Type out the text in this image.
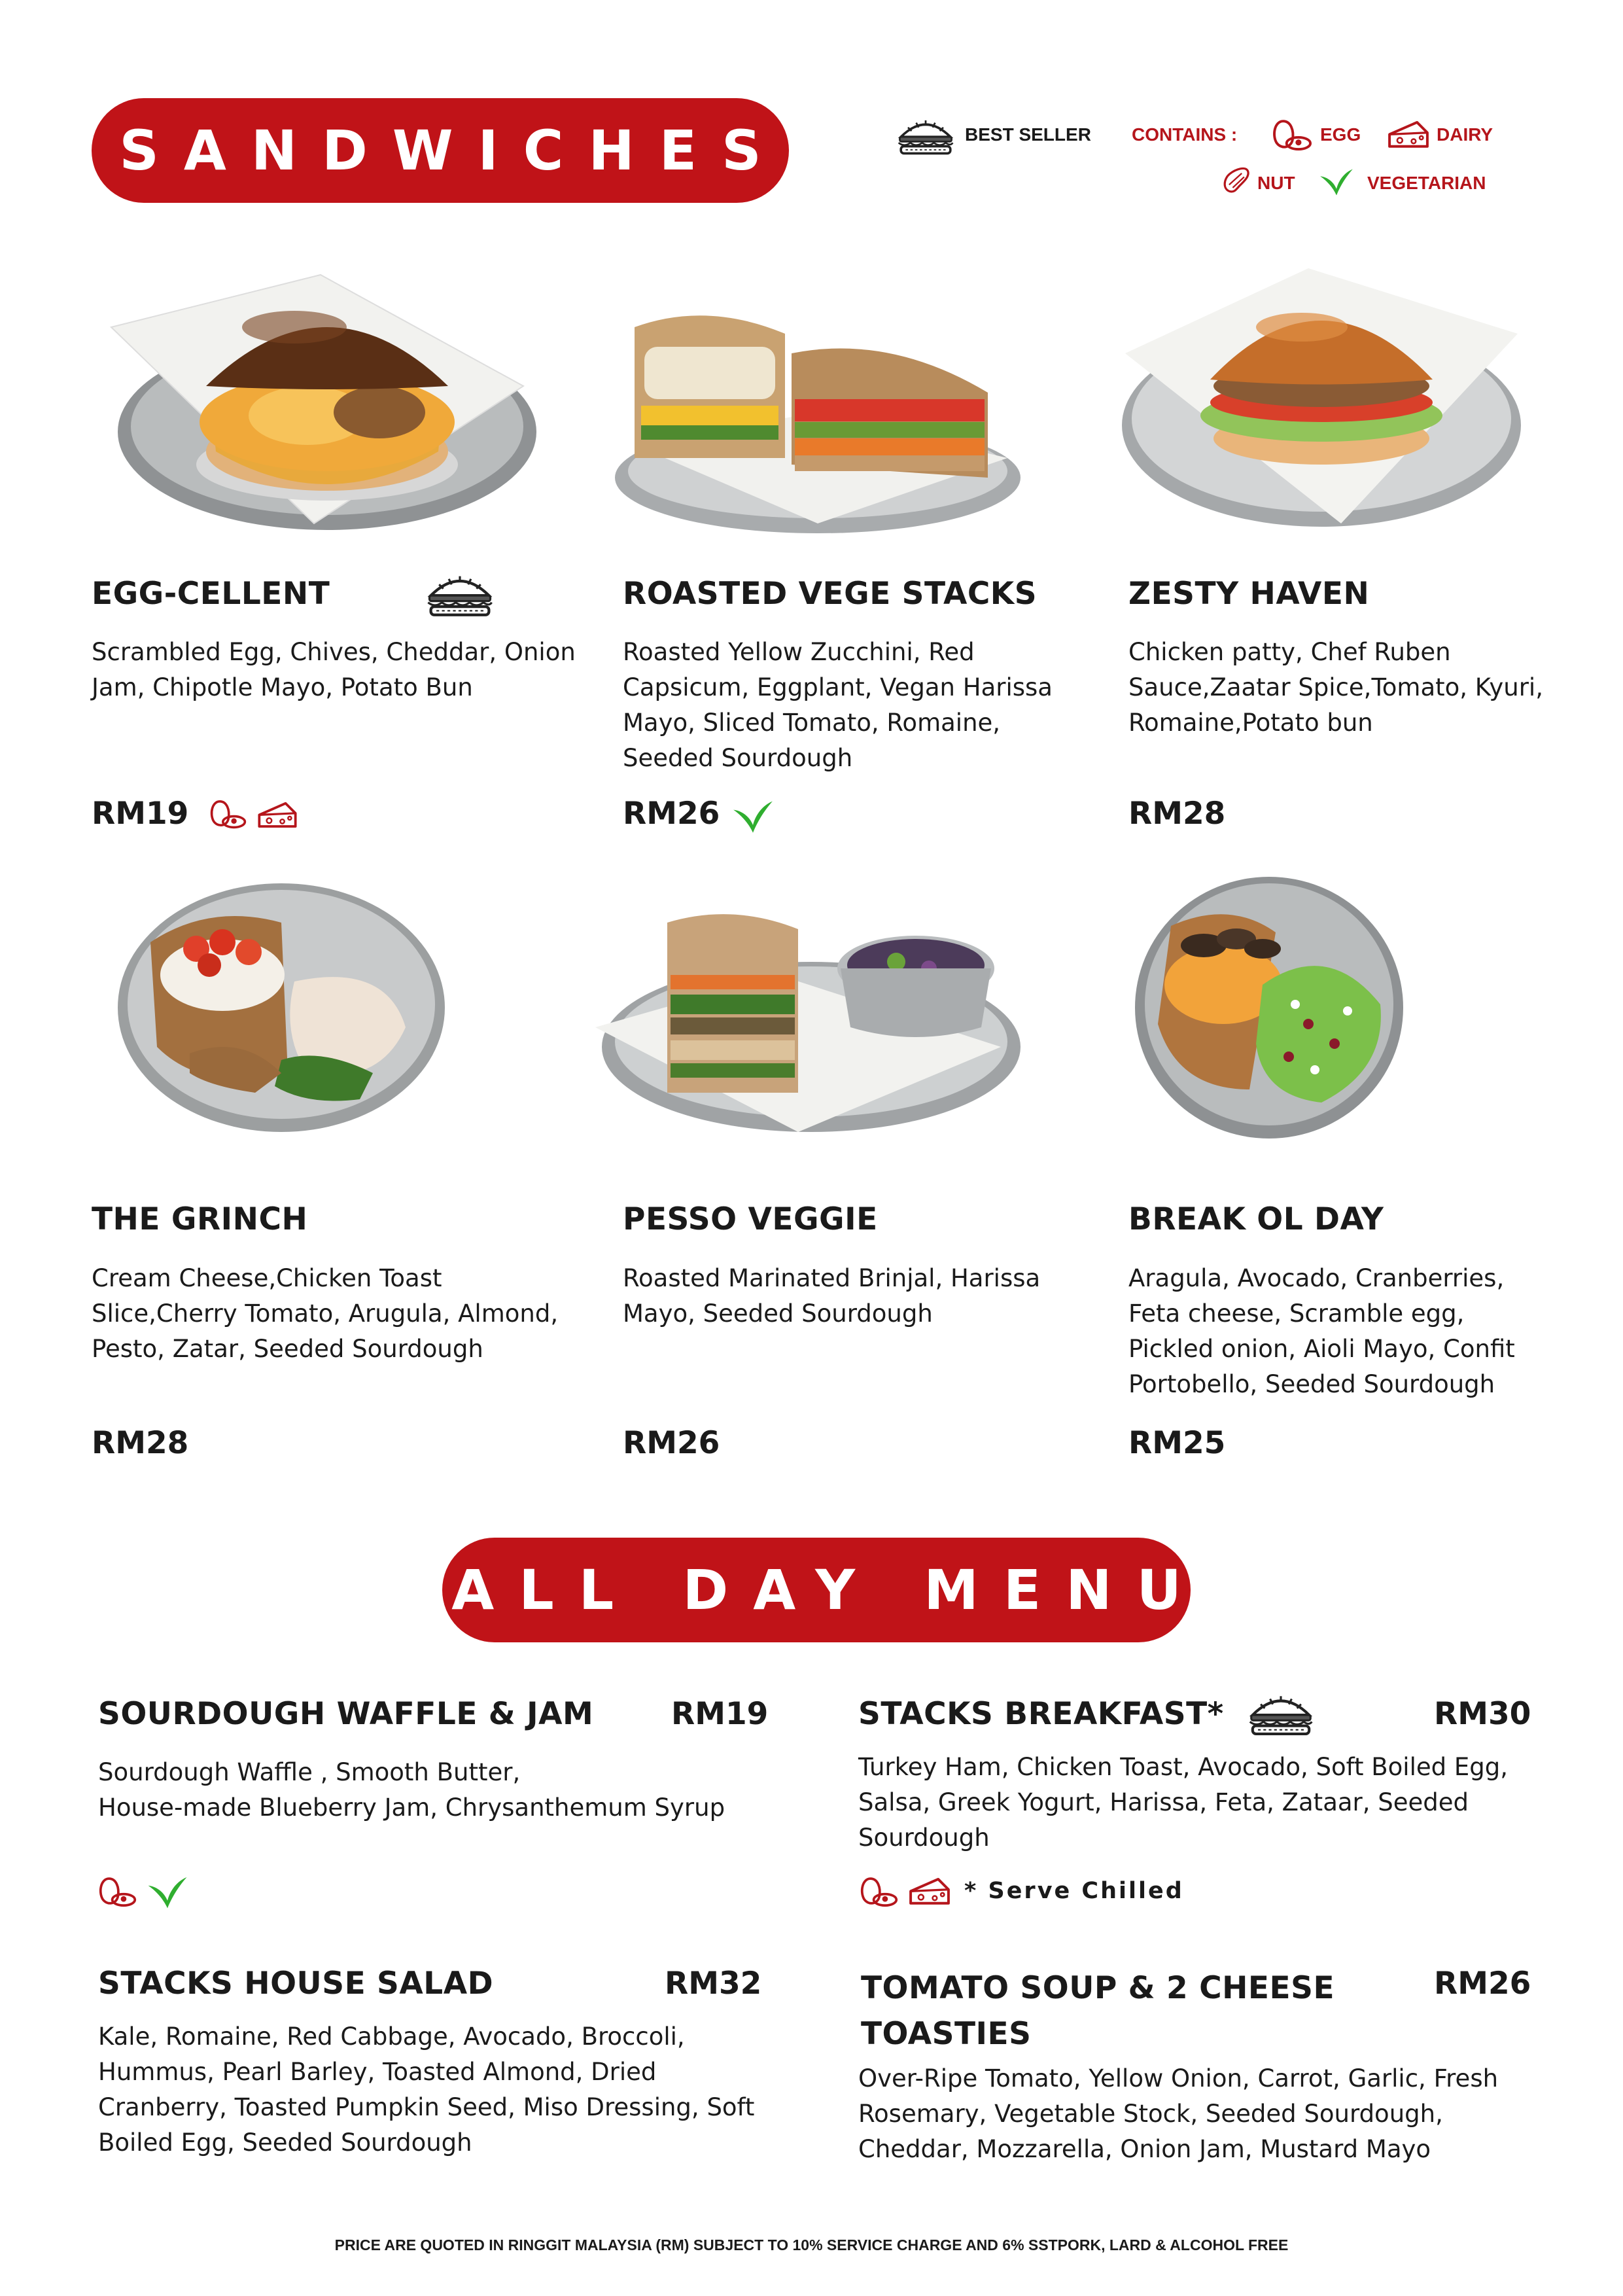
SANDWICHES	BEST SELLER CONTAINS :	EGG	DAIRY
NUT	VEGETARIAN
EGG-CELLENT
Scrambled Egg, Chives, Cheddar, Onion Jam, Chipotle Mayo, Potato Bun
RM19
ROASTED VEGE STACKS
Roasted Yellow Zucchini, Red Capsicum, Eggplant, Vegan Harissa Mayo, Sliced Tomato, Romaine, Seeded Sourdough
RM26
ZESTY HAVEN
Chicken patty, Chef Ruben Sauce,Zaatar Spice,Tomato, Kyuri, Romaine,Potato bun
RM28
THE GRINCH
Cream Cheese,Chicken Toast Slice,Cherry Tomato, Arugula, Almond, Pesto, Zatar, Seeded Sourdough
RM28
PESSO VEGGIE
Roasted Marinated Brinjal, Harissa Mayo, Seeded Sourdough
RM26
BREAK OL DAY
Aragula, Avocado, Cranberries, Feta cheese, Scramble egg, Pickled onion, Aioli Mayo, Confit Portobello, Seeded Sourdough
RM25
ALL DAY MENU
SOURDOUGH WAFFLE & JAM	RM19
Sourdough Waffle , Smooth Butter,
House-made Blueberry Jam, Chrysanthemum Syrup
STACKS BREAKFAST*	RM30
Turkey Ham, Chicken Toast, Avocado, Soft Boiled Egg, Salsa, Greek Yogurt, Harissa, Feta, Zataar, Seeded Sourdough
* Serve Chilled
STACKS HOUSE SALAD	RM32
Kale, Romaine, Red Cabbage, Avocado, Broccoli, Hummus, Pearl Barley, Toasted Almond, Dried Cranberry, Toasted Pumpkin Seed, Miso Dressing, Soft Boiled Egg, Seeded Sourdough
TOMATO SOUP & 2 CHEESE
TOASTIES
RM26
Over-Ripe Tomato, Yellow Onion, Carrot, Garlic, Fresh Rosemary, Vegetable Stock, Seeded Sourdough, Cheddar, Mozzarella, Onion Jam, Mustard Mayo
PRICE ARE QUOTED IN RINGGIT MALAYSIA (RM) SUBJECT TO 10% SERVICE CHARGE AND 6% SSTPORK, LARD & ALCOHOL FREE
